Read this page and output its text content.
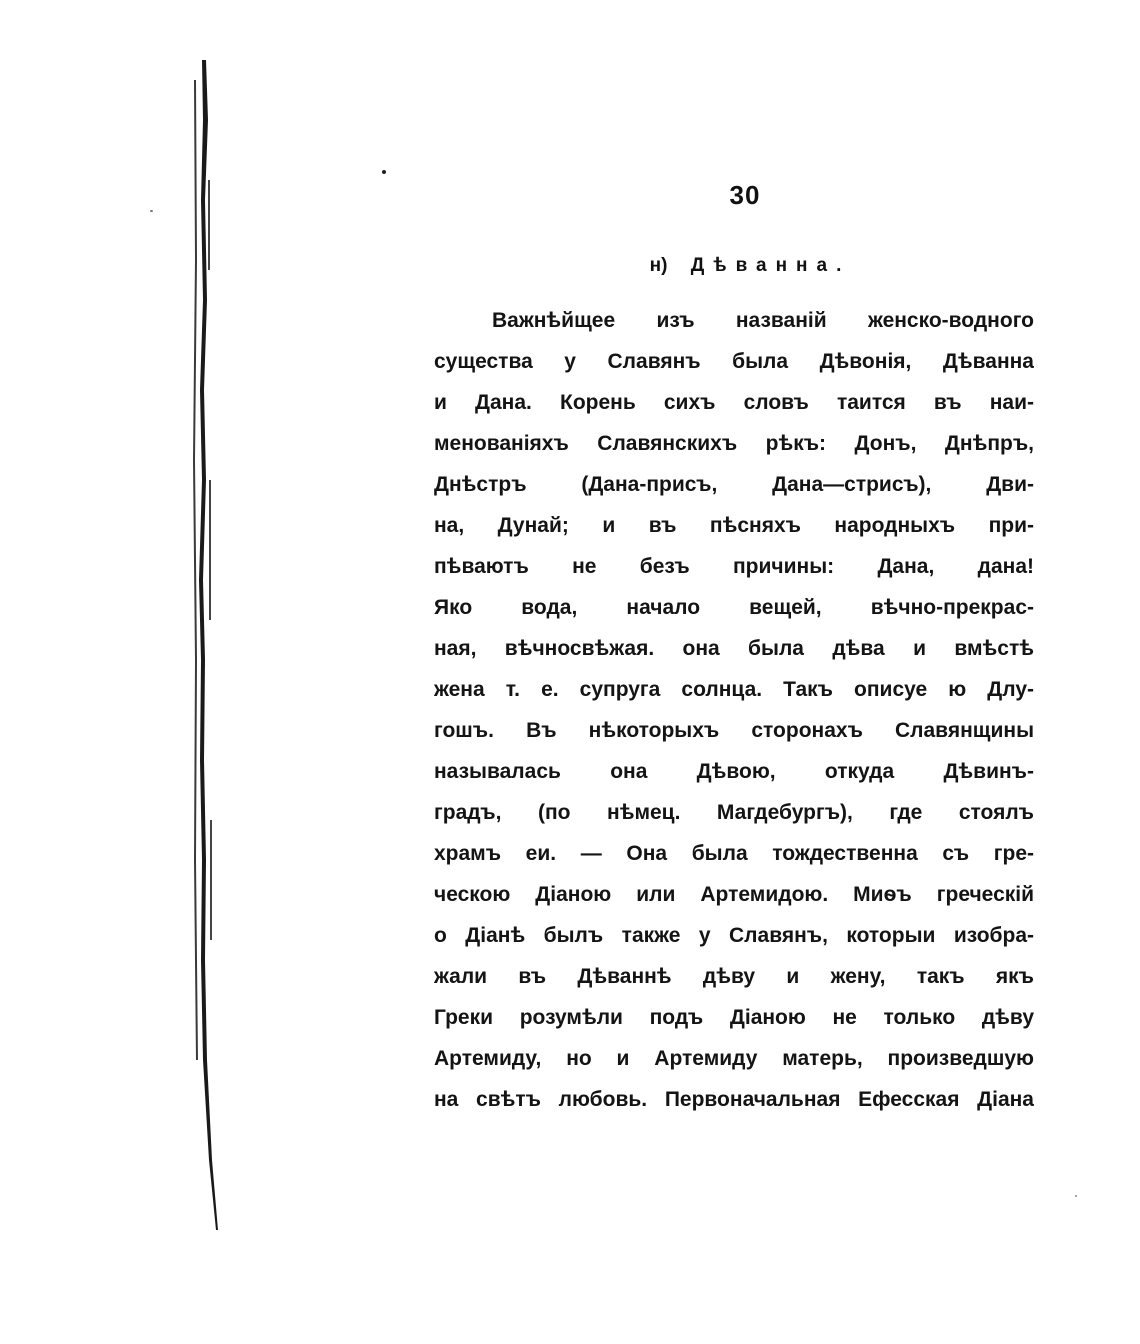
30
н) Дѣванна.
Важнѣйщее изъ названій женско-водного
существа у Славянъ была Дѣвонія, Дѣванна
и Дана. Корень сихъ словъ таится въ наи-
менованіяхъ Славянскихъ рѣкъ: Донъ, Днѣпръ,
Днѣстръ (Дана-присъ, Дана—стрисъ), Дви-
на, Дунай; и въ пѣсняхъ народныхъ при-
пѣваютъ не безъ причины: Дана, дана!
Яко вода, начало вещей, вѣчно-прекрас-
ная, вѣчносвѣжая. она была дѣва и вмѣстѣ
жена т. е. супруга солнца. Такъ описуе ю Длу-
гошъ. Въ нѣкоторыхъ сторонахъ Славянщины
называлась она Дѣвою, откуда Дѣвинъ-
градъ, (по нѣмец. Магдебургъ), где стоялъ
храмъ еи. — Она была тождественна съ гре-
ческою Діаною или Артемидою. Миѳъ греческій
о Діанѣ былъ также у Славянъ, которыи изобра-
жали въ Дѣваннѣ дѣву и жену, такъ якъ
Греки розумѣли подъ Діаною не только дѣву
Артемиду, но и Артемиду матерь, произведшую
на свѣтъ любовь. Первоначальная Ефесская Діана
